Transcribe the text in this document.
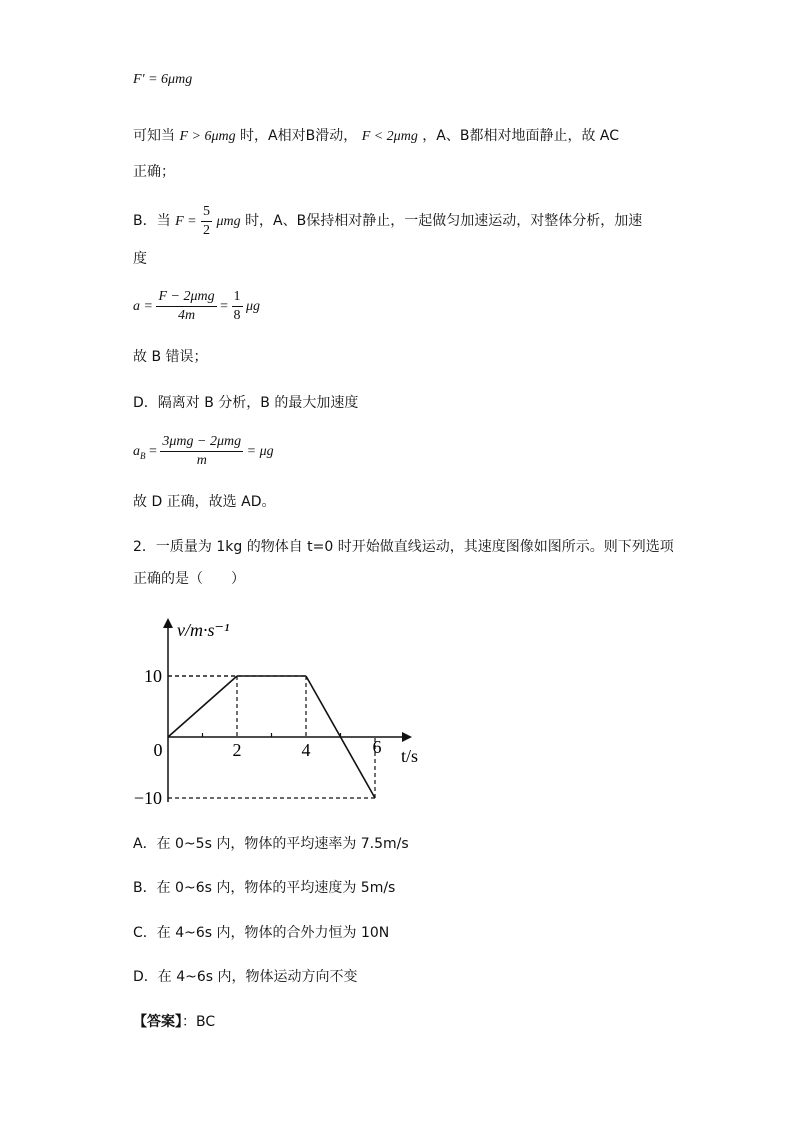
F′ = 6μmg
可知当 F > 6μmg 时，A相对B滑动， F < 2μmg ，A、B都相对地面静止，故 AC
正确；
B．当 $F = \frac{5}{2}$ μmg 时，A、B保持相对静止，一起做匀加速运动，对整体分析，加速
度
$a = \frac{\text{F − 2μmg}}{4m} = \frac{1}{8}$ μg
故 B 错误；
D．隔离对 B 分析，B 的最大加速度
$a_B = \frac{\text{3μmg − 2μmg}}{m} = \mu g$
故 D 正确，故选 AD。
2．一质量为 1kg 的物体自 t=0 时开始做直线运动，其速度图像如图所示。则下列选项
正确的是（　　）
v/m·s⁻¹
t/s
0	2	4	6
10
−10
A．在 0~5s 内，物体的平均速率为 7.5m/s
B．在 0~6s 内，物体的平均速度为 5m/s
C．在 4~6s 内，物体的合外力恒为 10N
D．在 4~6s 内，物体运动方向不变
【答案】：BC
